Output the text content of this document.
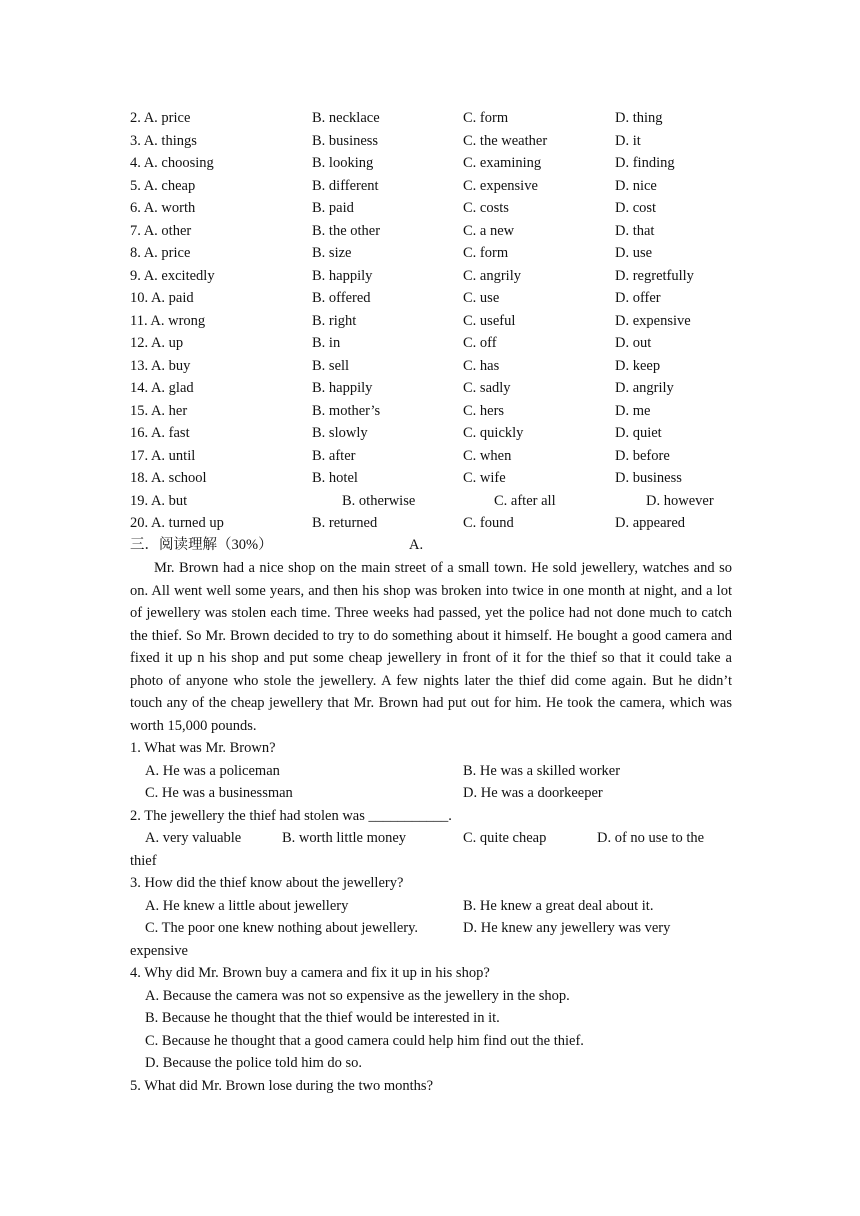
2. A. price	B. necklace	C. form	D. thing
3. A. things	B. business	C. the weather	D. it
4. A. choosing	B. looking	C. examining	D. finding
5. A. cheap	B. different	C. expensive	D. nice
6. A. worth	B. paid	C. costs	D. cost
7. A. other	B. the other	C. a new	D. that
8. A. price	B. size	C. form	D. use
9. A. excitedly	B. happily	C. angrily	D. regretfully
10. A. paid	B. offered	C. use	D. offer
11. A. wrong	B. right	C. useful	D. expensive
12. A. up	B. in	C. off	D. out
13. A. buy	B. sell	C. has	D. keep
14. A. glad	B. happily	C. sadly	D. angrily
15. A. her	B. mother’s	C. hers	D. me
16. A. fast	B. slowly	C. quickly	D. quiet
17. A. until	B. after	C. when	D. before
18. A. school	B. hotel	C. wife	D. business
19. A. but	B. otherwise	C. after all	D. however
20. A. turned up	B. returned	C. found	D. appeared
三．阅读理解（30%）	A.

Mr. Brown had a nice shop on the main street of a small town. He sold jewellery, watches and so on. All went well some years, and then his shop was broken into twice in one month at night, and a lot of jewellery was stolen each time. Three weeks had passed, yet the police had not done much to catch the thief. So Mr. Brown decided to try to do something about it himself. He bought a good camera and fixed it up n his shop and put some cheap jewellery in front of it for the thief so that it could take a photo of anyone who stole the jewellery. A few nights later the thief did come again. But he didn’t touch any of the cheap jewellery that Mr. Brown had put out for him. He took the camera, which was worth 15,000 pounds.

1. What was Mr. Brown?
A. He was a policeman	B. He was a skilled worker
C. He was a businessman	D. He was a doorkeeper
2. The jewellery the thief had stolen was ___________.
A. very valuable	B. worth little money	C. quite cheap	D. of no use to the
thief
3. How did the thief know about the jewellery?
A. He knew a little about jewellery	B. He knew a great deal about it.
C. The poor one knew nothing about jewellery.	D. He knew any jewellery was very
expensive
4. Why did Mr. Brown buy a camera and fix it up in his shop?
A. Because the camera was not so expensive as the jewellery in the shop.
B. Because he thought that the thief would be interested in it.
C. Because he thought that a good camera could help him find out the thief.
D. Because the police told him do so.
5. What did Mr. Brown lose during the two months?
